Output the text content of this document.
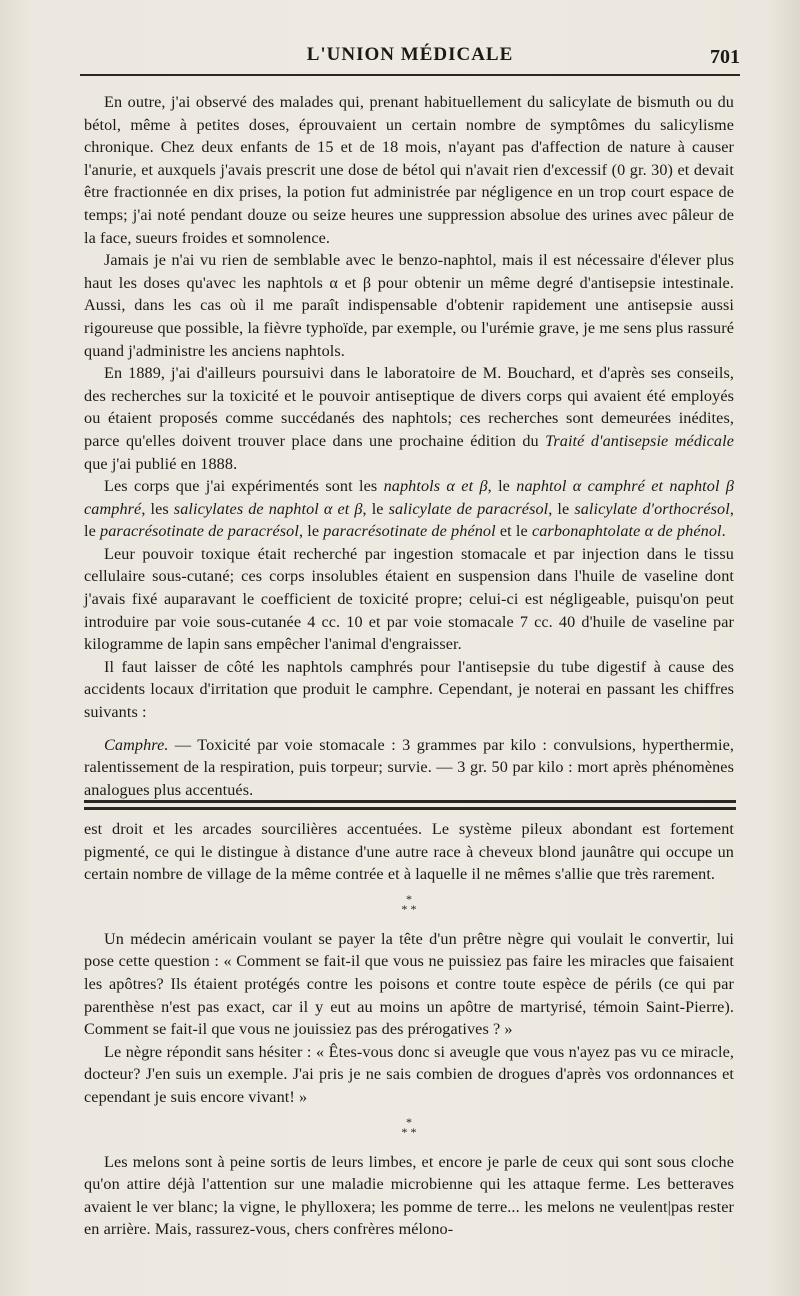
L'UNION MÉDICALE	701

En outre, j'ai observé des malades qui, prenant habituellement du salicylate de bismuth ou du bétol, même à petites doses, éprouvaient un certain nombre de symptômes du salicylisme chronique. Chez deux enfants de 15 et de 18 mois, n'ayant pas d'affection de nature à causer l'anurie, et auxquels j'avais prescrit une dose de bétol qui n'avait rien d'excessif (0 gr. 30) et devait être fractionnée en dix prises, la potion fut administrée par négligence en un trop court espace de temps; j'ai noté pendant douze ou seize heures une suppression absolue des urines avec pâleur de la face, sueurs froides et somnolence.

Jamais je n'ai vu rien de semblable avec le benzo-naphtol, mais il est nécessaire d'élever plus haut les doses qu'avec les naphtols α et β pour obtenir un même degré d'antisepsie intestinale. Aussi, dans les cas où il me paraît indispensable d'obtenir rapidement une antisepsie aussi rigoureuse que possible, la fièvre typhoïde, par exemple, ou l'urémie grave, je me sens plus rassuré quand j'administre les anciens naphtols.

En 1889, j'ai d'ailleurs poursuivi dans le laboratoire de M. Bouchard, et d'après ses conseils, des recherches sur la toxicité et le pouvoir antiseptique de divers corps qui avaient été employés ou étaient proposés comme succédanés des naphtols; ces recherches sont demeurées inédites, parce qu'elles doivent trouver place dans une prochaine édition du Traité d'antisepsie médicale que j'ai publié en 1888.

Les corps que j'ai expérimentés sont les naphtols α et β, le naphtol α camphré et naphtol β camphré, les salicylates de naphtol α et β, le salicylate de paracrésol, le salicylate d'orthocrésol, le paracrésotinate de paracrésol, le paracrésotinate de phénol et le carbonaphtolate α de phénol.

Leur pouvoir toxique était recherché par ingestion stomacale et par injection dans le tissu cellulaire sous-cutané; ces corps insolubles étaient en suspension dans l'huile de vaseline dont j'avais fixé auparavant le coefficient de toxicité propre; celui-ci est négligeable, puisqu'on peut introduire par voie sous-cutanée 4 cc. 10 et par voie stomacale 7 cc. 40 d'huile de vaseline par kilogramme de lapin sans empêcher l'animal d'engraisser.

Il faut laisser de côté les naphtols camphrés pour l'antisepsie du tube digestif à cause des accidents locaux d'irritation que produit le camphre. Cependant, je noterai en passant les chiffres suivants :

Camphre. — Toxicité par voie stomacale : 3 grammes par kilo : convulsions, hyperthermie, ralentissement de la respiration, puis torpeur; survie. — 3 gr. 50 par kilo : mort après phénomènes analogues plus accentués.

est droit et les arcades sourcilières accentuées. Le système pileux abondant est fortement pigmenté, ce qui le distingue à distance d'une autre race à cheveux blond jaunâtre qui occupe un certain nombre de village de la même contrée et à laquelle il ne mêmes s'allie que très rarement.

*
* *

Un médecin américain voulant se payer la tête d'un prêtre nègre qui voulait le convertir, lui pose cette question : « Comment se fait-il que vous ne puissiez pas faire les miracles que faisaient les apôtres? Ils étaient protégés contre les poisons et contre toute espèce de périls (ce qui par parenthèse n'est pas exact, car il y eut au moins un apôtre de martyrisé, témoin Saint-Pierre). Comment se fait-il que vous ne jouissiez pas des prérogatives ? »

Le nègre répondit sans hésiter : « Êtes-vous donc si aveugle que vous n'ayez pas vu ce miracle, docteur? J'en suis un exemple. J'ai pris je ne sais combien de drogues d'après vos ordonnances et cependant je suis encore vivant! »

*
* *

Les melons sont à peine sortis de leurs limbes, et encore je parle de ceux qui sont sous cloche qu'on attire déjà l'attention sur une maladie microbienne qui les attaque ferme. Les betteraves avaient le ver blanc; la vigne, le phylloxera; les pomme de terre... les melons ne veulent|pas rester en arrière. Mais, rassurez-vous, chers confrères mélono-
